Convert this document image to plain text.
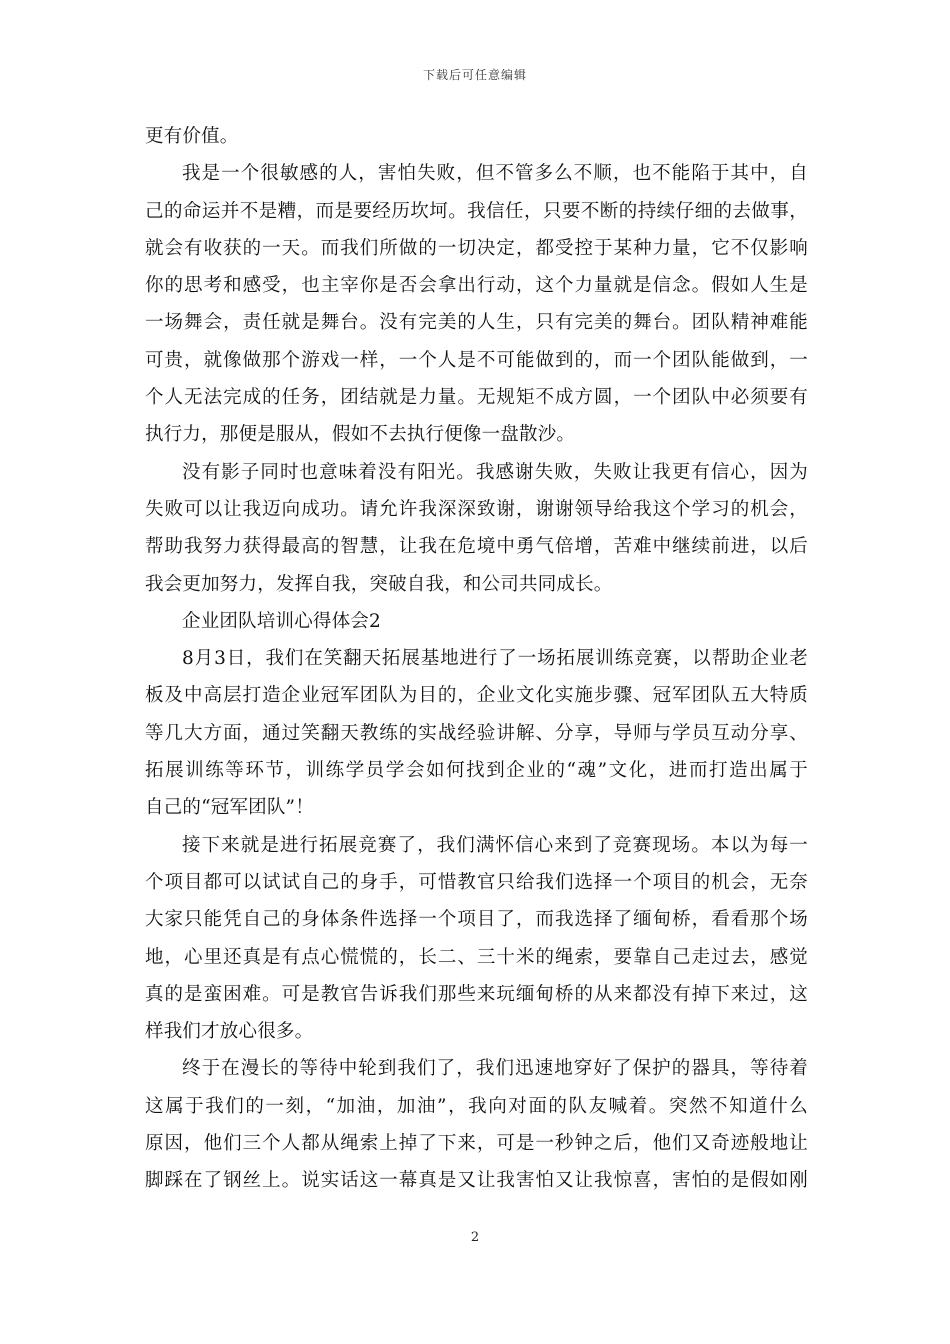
下载后可任意编辑
更有价值。
我是一个很敏感的人，害怕失败，但不管多么不顺，也不能陷于其中，自
己的命运并不是糟，而是要经历坎坷。我信任，只要不断的持续仔细的去做事，
就会有收获的一天。而我们所做的一切决定，都受控于某种力量，它不仅影响
你的思考和感受，也主宰你是否会拿出行动，这个力量就是信念。假如人生是
一场舞会，责任就是舞台。没有完美的人生，只有完美的舞台。团队精神难能
可贵，就像做那个游戏一样，一个人是不可能做到的，而一个团队能做到，一
个人无法完成的任务，团结就是力量。无规矩不成方圆，一个团队中必须要有
执行力，那便是服从，假如不去执行便像一盘散沙。
没有影子同时也意味着没有阳光。我感谢失败，失败让我更有信心，因为
失败可以让我迈向成功。请允许我深深致谢，谢谢领导给我这个学习的机会，
帮助我努力获得最高的智慧，让我在危境中勇气倍增，苦难中继续前进，以后
我会更加努力，发挥自我，突破自我，和公司共同成长。
企业团队培训心得体会2
8月3日，我们在笑翻天拓展基地进行了一场拓展训练竞赛，以帮助企业老
板及中高层打造企业冠军团队为目的，企业文化实施步骤、冠军团队五大特质
等几大方面，通过笑翻天教练的实战经验讲解、分享，导师与学员互动分享、
拓展训练等环节，训练学员学会如何找到企业的“魂”文化，进而打造出属于
自己的“冠军团队”！
接下来就是进行拓展竞赛了，我们满怀信心来到了竞赛现场。本以为每一
个项目都可以试试自己的身手，可惜教官只给我们选择一个项目的机会，无奈
大家只能凭自己的身体条件选择一个项目了，而我选择了缅甸桥，看看那个场
地，心里还真是有点心慌慌的，长二、三十米的绳索，要靠自己走过去，感觉
真的是蛮困难。可是教官告诉我们那些来玩缅甸桥的从来都没有掉下来过，这
样我们才放心很多。
终于在漫长的等待中轮到我们了，我们迅速地穿好了保护的器具，等待着
这属于我们的一刻，“加油，加油”，我向对面的队友喊着。突然不知道什么
原因，他们三个人都从绳索上掉了下来，可是一秒钟之后，他们又奇迹般地让
脚踩在了钢丝上。说实话这一幕真是又让我害怕又让我惊喜，害怕的是假如刚
2
